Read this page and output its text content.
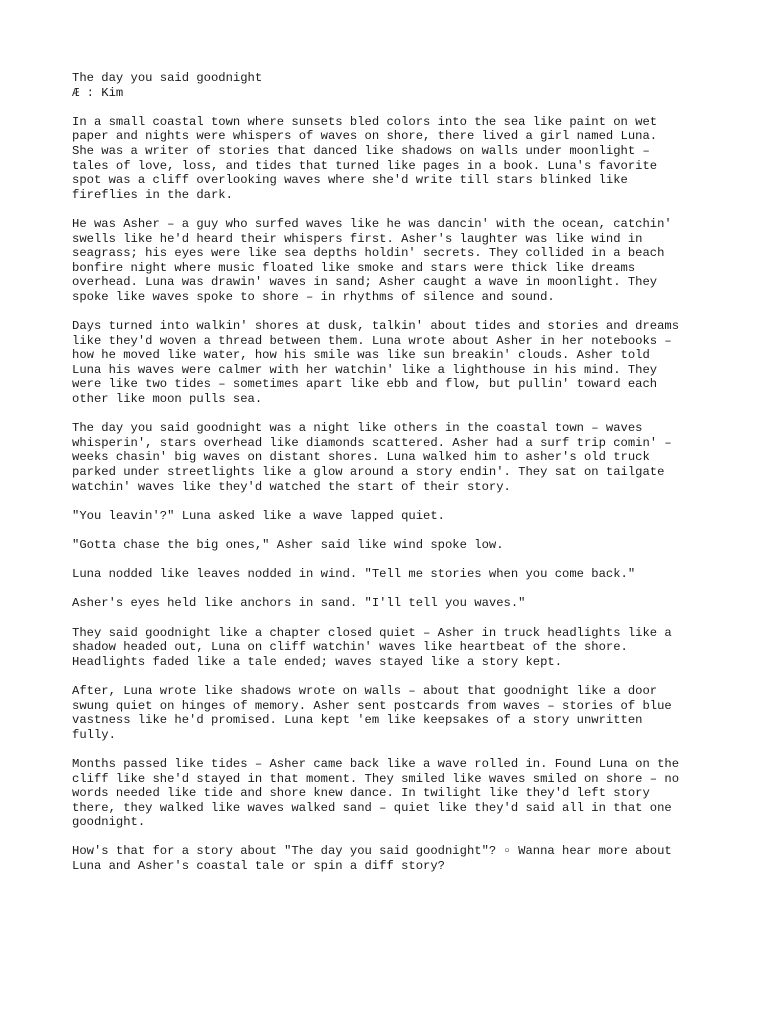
The day you said goodnight
Æ : Kim

In a small coastal town where sunsets bled colors into the sea like paint on wet
paper and nights were whispers of waves on shore, there lived a girl named Luna.
She was a writer of stories that danced like shadows on walls under moonlight –
tales of love, loss, and tides that turned like pages in a book. Luna's favorite
spot was a cliff overlooking waves where she'd write till stars blinked like
fireflies in the dark.

He was Asher – a guy who surfed waves like he was dancin' with the ocean, catchin'
swells like he'd heard their whispers first. Asher's laughter was like wind in
seagrass; his eyes were like sea depths holdin' secrets. They collided in a beach
bonfire night where music floated like smoke and stars were thick like dreams
overhead. Luna was drawin' waves in sand; Asher caught a wave in moonlight. They
spoke like waves spoke to shore – in rhythms of silence and sound.

Days turned into walkin' shores at dusk, talkin' about tides and stories and dreams
like they'd woven a thread between them. Luna wrote about Asher in her notebooks –
how he moved like water, how his smile was like sun breakin' clouds. Asher told
Luna his waves were calmer with her watchin' like a lighthouse in his mind. They
were like two tides – sometimes apart like ebb and flow, but pullin' toward each
other like moon pulls sea.

The day you said goodnight was a night like others in the coastal town – waves
whisperin', stars overhead like diamonds scattered. Asher had a surf trip comin' –
weeks chasin' big waves on distant shores. Luna walked him to asher's old truck
parked under streetlights like a glow around a story endin'. They sat on tailgate
watchin' waves like they'd watched the start of their story.

"You leavin'?" Luna asked like a wave lapped quiet.

"Gotta chase the big ones," Asher said like wind spoke low.

Luna nodded like leaves nodded in wind. "Tell me stories when you come back."

Asher's eyes held like anchors in sand. "I'll tell you waves."

They said goodnight like a chapter closed quiet – Asher in truck headlights like a
shadow headed out, Luna on cliff watchin' waves like heartbeat of the shore.
Headlights faded like a tale ended; waves stayed like a story kept.

After, Luna wrote like shadows wrote on walls – about that goodnight like a door
swung quiet on hinges of memory. Asher sent postcards from waves – stories of blue
vastness like he'd promised. Luna kept 'em like keepsakes of a story unwritten
fully.

Months passed like tides – Asher came back like a wave rolled in. Found Luna on the
cliff like she'd stayed in that moment. They smiled like waves smiled on shore – no
words needed like tide and shore knew dance. In twilight like they'd left story
there, they walked like waves walked sand – quiet like they'd said all in that one
goodnight.

How's that for a story about "The day you said goodnight"? ▫ Wanna hear more about
Luna and Asher's coastal tale or spin a diff story?
